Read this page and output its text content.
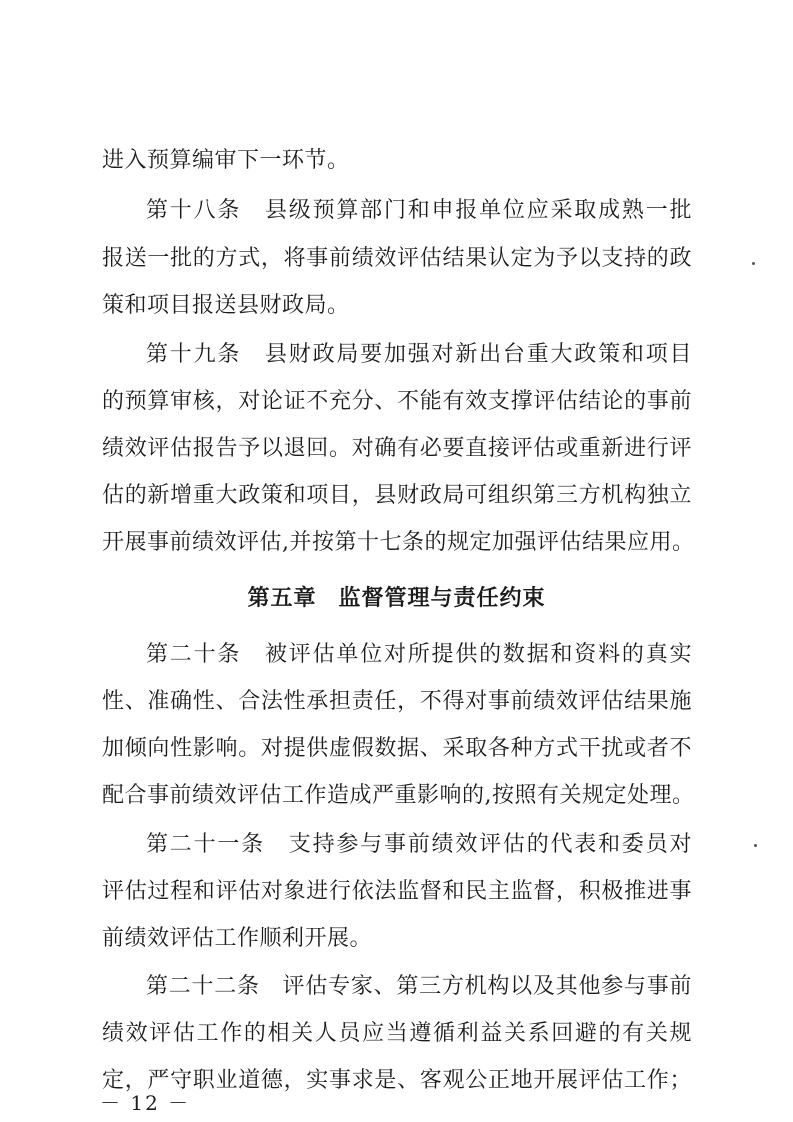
进入预算编审下一环节。
第十八条　县级预算部门和申报单位应采取成熟一批
报送一批的方式，将事前绩效评估结果认定为予以支持的政
策和项目报送县财政局。
第十九条　县财政局要加强对新出台重大政策和项目
的预算审核，对论证不充分、不能有效支撑评估结论的事前
绩效评估报告予以退回。对确有必要直接评估或重新进行评
估的新增重大政策和项目，县财政局可组织第三方机构独立
开展事前绩效评估,并按第十七条的规定加强评估结果应用。
第五章 监督管理与责任约束
第二十条　被评估单位对所提供的数据和资料的真实
性、准确性、合法性承担责任，不得对事前绩效评估结果施
加倾向性影响。对提供虚假数据、采取各种方式干扰或者不
配合事前绩效评估工作造成严重影响的,按照有关规定处理。
第二十一条　支持参与事前绩效评估的代表和委员对
评估过程和评估对象进行依法监督和民主监督，积极推进事
前绩效评估工作顺利开展。
第二十二条　评估专家、第三方机构以及其他参与事前
绩效评估工作的相关人员应当遵循利益关系回避的有关规
定，严守职业道德，实事求是、客观公正地开展评估工作；
－ 12 －
